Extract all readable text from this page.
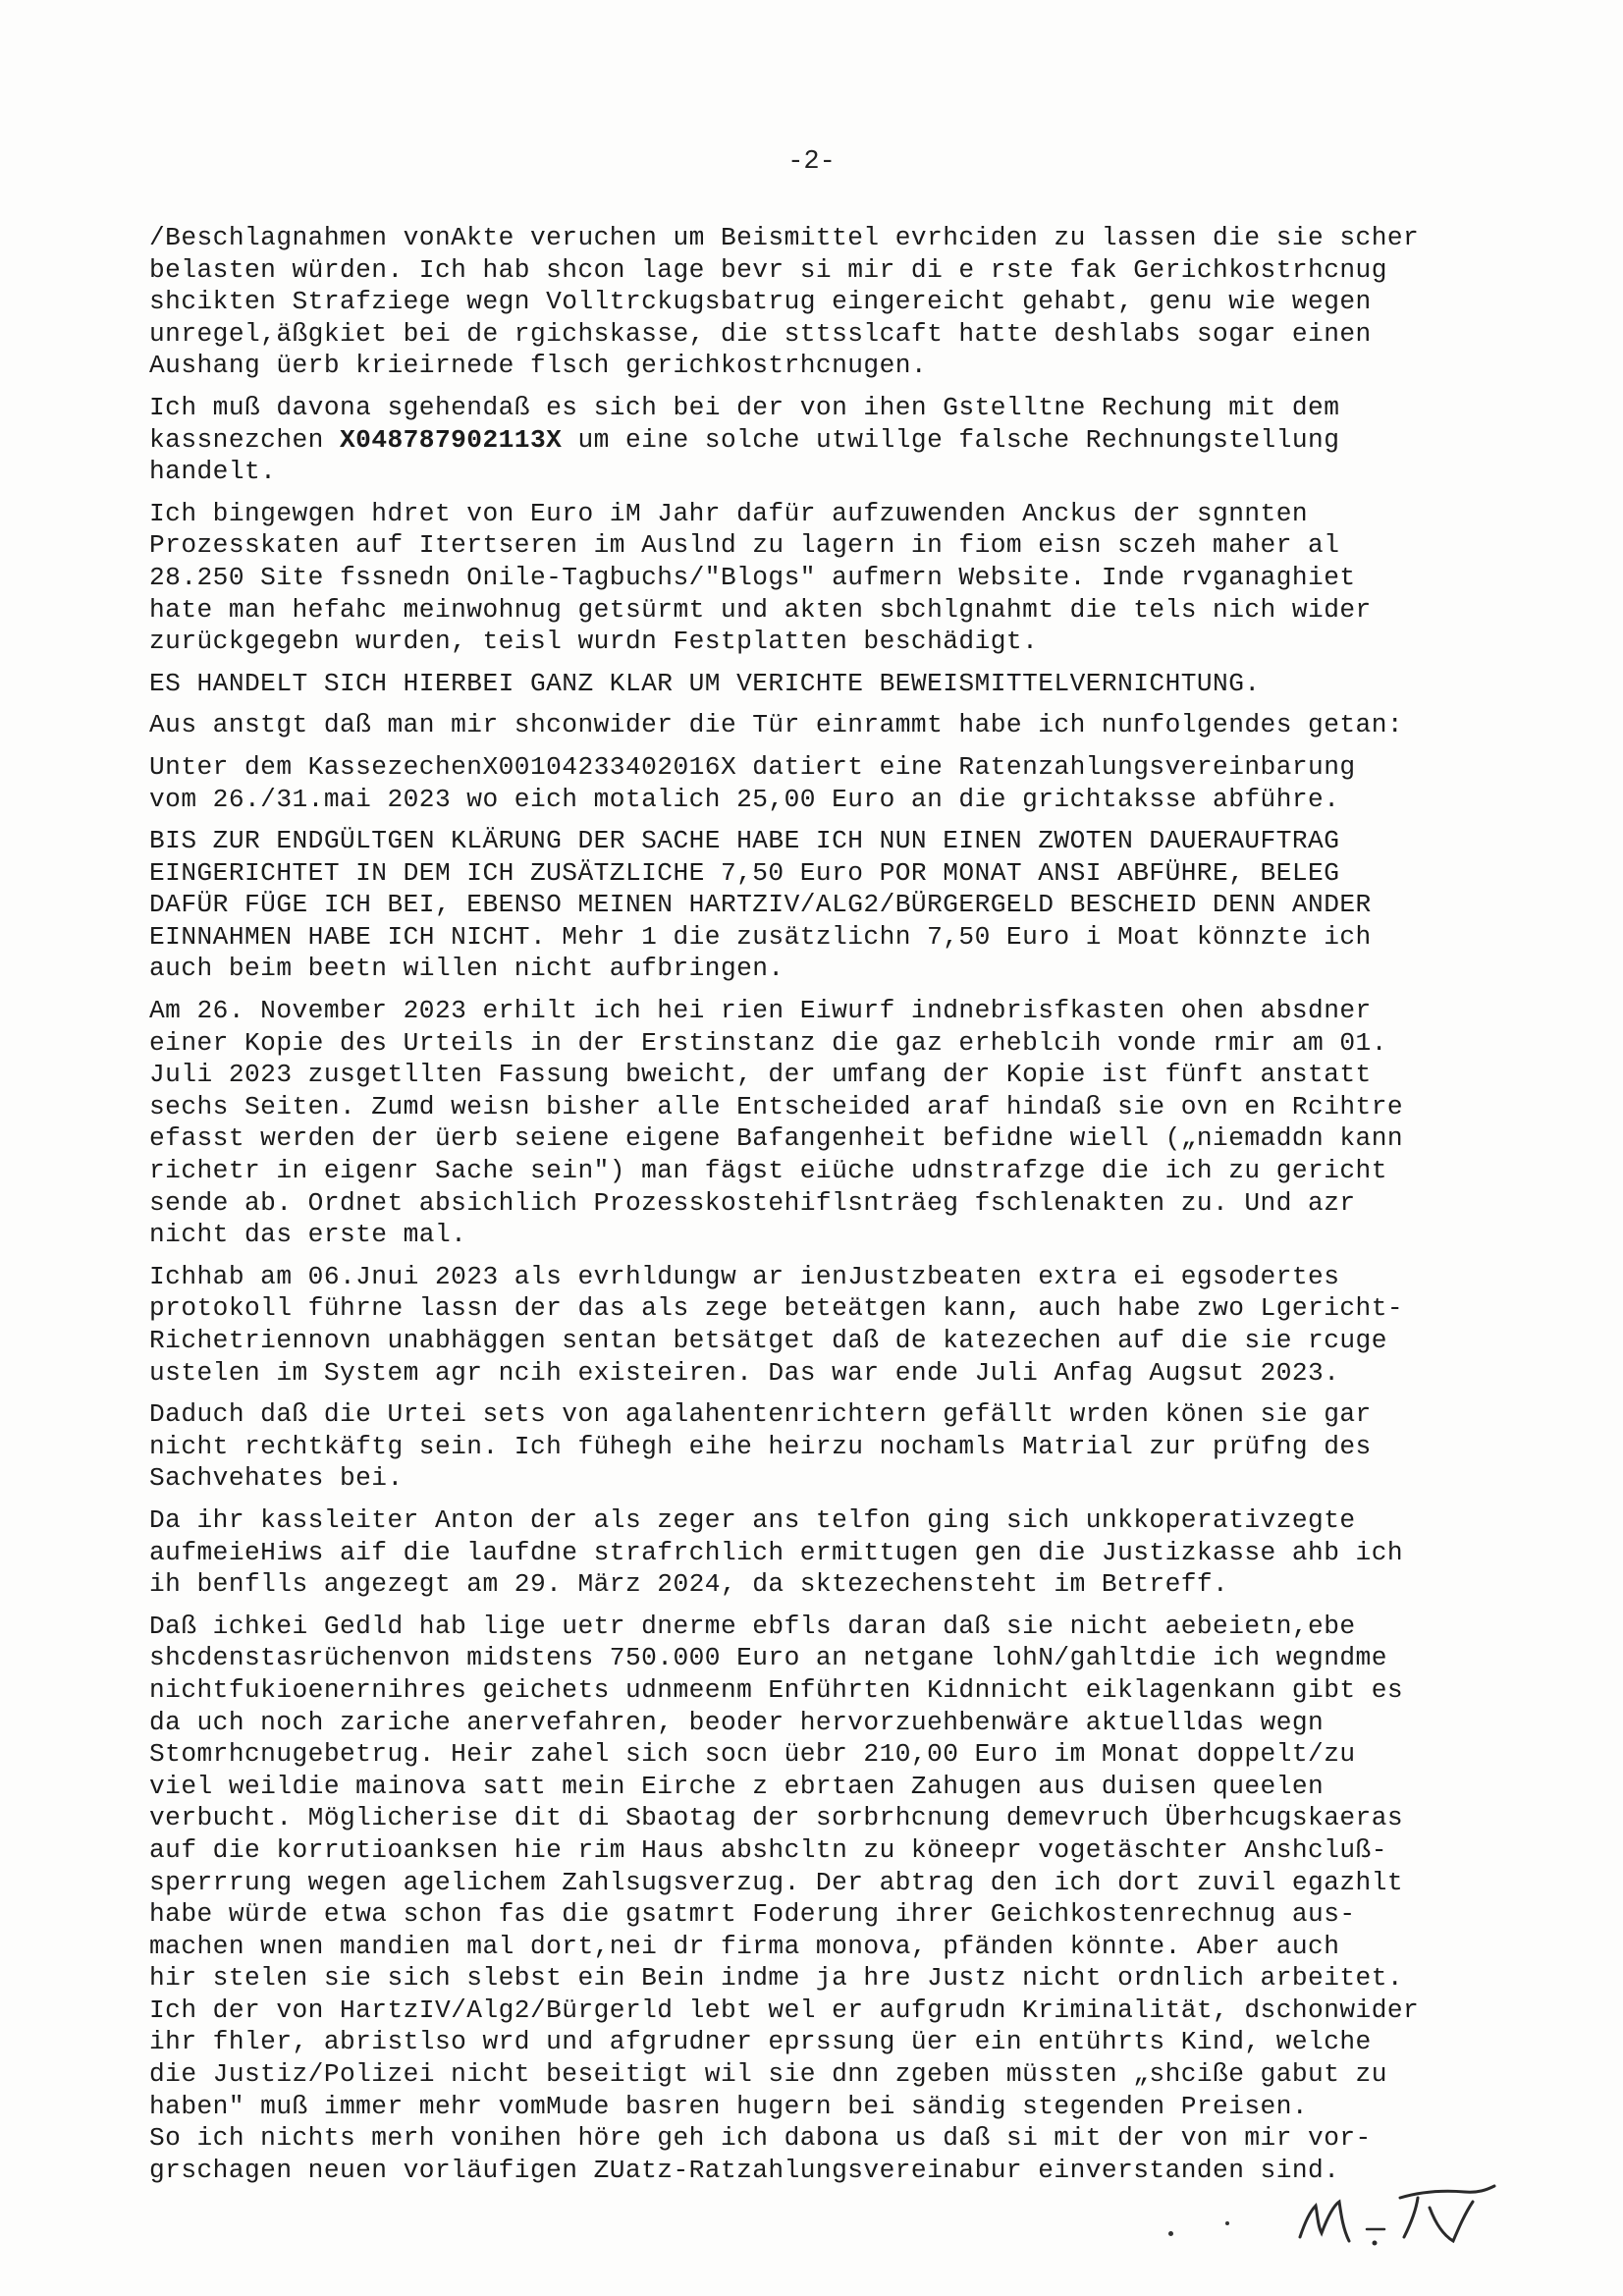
-2-
/Beschlagnahmen vonAkte veruchen um Beismittel evrhciden zu lassen die sie scher
belasten würden. Ich hab shcon lage bevr si mir di e rste fak Gerichkostrhcnug
shcikten Strafziege wegn Volltrckugsbatrug eingereicht gehabt, genu wie wegen
unregel,äßgkiet bei de rgichskasse, die sttsslcaft hatte deshlabs sogar einen
Aushang üerb krieirnede flsch gerichkostrhcnugen.
Ich muß davona sgehendaß es sich bei der von ihen Gstelltne Rechung mit dem
kassnezchen X048787902113X um eine solche utwillge falsche Rechnungstellung
handelt.
Ich bingewgen hdret von Euro iM Jahr dafür aufzuwenden Anckus der sgnnten
Prozesskaten auf Itertseren im Auslnd zu lagern in fiom eisn sczeh maher al
28.250 Site fssnedn Onile-Tagbuchs/"Blogs" aufmern Website. Inde rvganaghiet
hate man hefahc meinwohnug getsürmt und akten sbchlgnahmt die tels nich wider
zurückgegebn wurden, teisl wurdn Festplatten beschädigt.
ES HANDELT SICH HIERBEI GANZ KLAR UM VERICHTE BEWEISMITTELVERNICHTUNG.
Aus anstgt daß man mir shconwider die Tür einrammt habe ich nunfolgendes getan:
Unter dem KassezechenX00104233402016X datiert eine Ratenzahlungsvereinbarung
vom 26./31.mai 2023 wo eich motalich 25,00 Euro an die grichtaksse abführe.
BIS ZUR ENDGÜLTGEN KLÄRUNG DER SACHE HABE ICH NUN EINEN ZWOTEN DAUERAUFTRAG
EINGERICHTET IN DEM ICH ZUSÄTZLICHE 7,50 Euro POR MONAT ANSI ABFÜHRE, BELEG
DAFÜR FÜGE ICH BEI, EBENSO MEINEN HARTZIV/ALG2/BÜRGERGELD BESCHEID DENN ANDER
EINNAHMEN HABE ICH NICHT. Mehr 1 die zusätzlichn 7,50 Euro i Moat könnzte ich
auch beim beetn willen nicht aufbringen.
Am 26. November 2023 erhilt ich hei rien Eiwurf indnebrisfkasten ohen absdner
einer Kopie des Urteils in der Erstinstanz die gaz erheblcih vonde rmir am 01.
Juli 2023 zusgetllten Fassung bweicht, der umfang der Kopie ist fünft anstatt
sechs Seiten. Zumd weisn bisher alle Entscheided araf hindaß sie ovn en Rcihtre
efasst werden der üerb seiene eigene Bafangenheit befidne wiell („niemaddn kann
richetr in eigenr Sache sein") man fägst eiüche udnstrafzge die ich zu gericht
sende ab. Ordnet absichlich Prozesskostehiflsnträeg fschlenakten zu. Und azr
nicht das erste mal.
Ichhab am 06.Jnui 2023 als evrhldungw ar ienJustzbeaten extra ei egsodertes
protokoll führne lassn der das als zege beteätgen kann, auch habe zwo Lgericht-
Richetriennovn unabhäggen sentan betsätget daß de katezechen auf die sie rcuge
ustelen im System agr ncih existeiren. Das war ende Juli Anfag Augsut 2023.
Daduch daß die Urtei sets von agalahentenrichtern gefällt wrden könen sie gar
nicht rechtkäftg sein. Ich fühegh eihe heirzu nochamls Matrial zur prüfng des
Sachvehates bei.
Da ihr kassleiter Anton der als zeger ans telfon ging sich unkkoperativzegte
aufmeieHiws aif die laufdne strafrchlich ermittugen gen die Justizkasse ahb ich
ih benflls angezegt am 29. März 2024, da sktezechensteht im Betreff.
Daß ichkei Gedld hab lige uetr dnerme ebfls daran daß sie nicht aebeietn,ebe
shcdenstasrüchenvon midstens 750.000 Euro an netgane lohN/gahltdie ich wegndme
nichtfukioenernihres geichets udnmeenm Enführten Kidnnicht eiklagenkann gibt es
da uch noch zariche anervefahren, beoder hervorzuehbenwäre aktuelldas wegn
Stomrhcnugebetrug. Heir zahel sich socn üebr 210,00 Euro im Monat doppelt/zu
viel weildie mainova satt mein Eirche z ebrtaen Zahugen aus duisen queelen
verbucht. Möglicherise dit di Sbaotag der sorbrhcnung demevruch Überhcugskaeras
auf die korrutioanksen hie rim Haus abshcltn zu köneepr vogetäschter Anshcluß-
sperrrung wegen agelichem Zahlsugsverzug. Der abtrag den ich dort zuvil egazhlt
habe würde etwa schon fas die gsatmrt Foderung ihrer Geichkostenrechnug aus-
machen wnen mandien mal dort,nei dr firma monova, pfänden könnte. Aber auch
hir stelen sie sich slebst ein Bein indme ja hre Justz nicht ordnlich arbeitet.
Ich der von HartzIV/Alg2/Bürgerld lebt wel er aufgrudn Kriminalität, dschonwider
ihr fhler, abristlso wrd und afgrudner eprssung üer ein entührts Kind, welche
die Justiz/Polizei nicht beseitigt wil sie dnn zgeben müssten „shciße gabut zu
haben" muß immer mehr vomMude basren hugern bei sändig stegenden Preisen.
So ich nichts merh vonihen höre geh ich dabona us daß si mit der von mir vor-
grschagen neuen vorläufigen ZUatz-Ratzahlungsvereinabur einverstanden sind.
